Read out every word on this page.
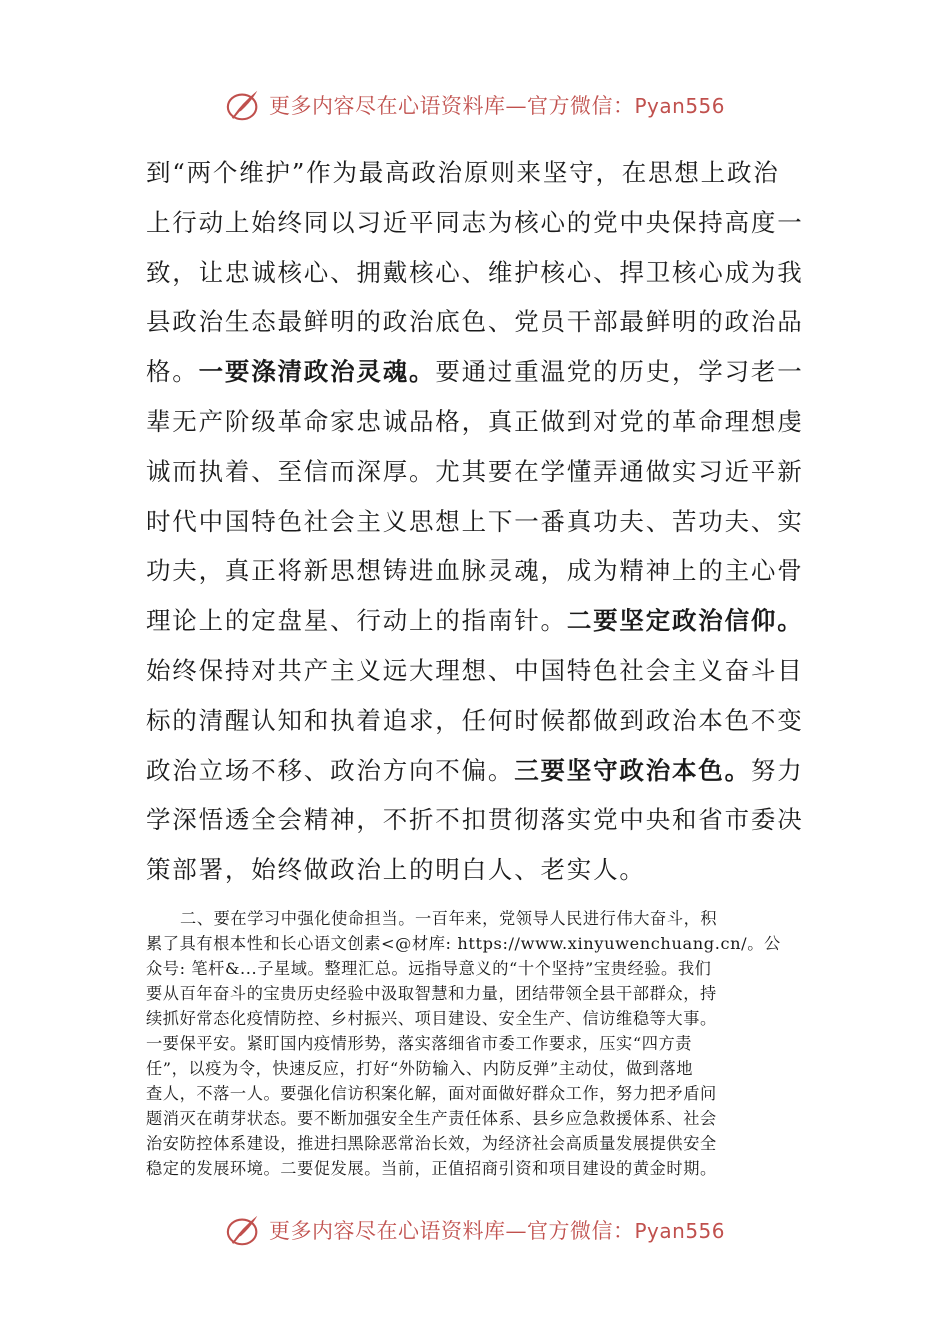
更多内容尽在心语资料库—官方微信：Pyan556
到“两个维护”作为最高政治原则来坚守，在思想上政治
上行动上始终同以习近平同志为核心的党中央保持高度一
致，让忠诚核心、拥戴核心、维护核心、捍卫核心成为我
县政治生态最鲜明的政治底色、党员干部最鲜明的政治品
格。一要涤清政治灵魂。要通过重温党的历史，学习老一
辈无产阶级革命家忠诚品格，真正做到对党的革命理想虔
诚而执着、至信而深厚。尤其要在学懂弄通做实习近平新
时代中国特色社会主义思想上下一番真功夫、苦功夫、实
功夫，真正将新思想铸进血脉灵魂，成为精神上的主心骨
理论上的定盘星、行动上的指南针。二要坚定政治信仰。
始终保持对共产主义远大理想、中国特色社会主义奋斗目
标的清醒认知和执着追求，任何时候都做到政治本色不变
政治立场不移、政治方向不偏。三要坚守政治本色。努力
学深悟透全会精神，不折不扣贯彻落实党中央和省市委决
策部署，始终做政治上的明白人、老实人。
二、要在学习中强化使命担当。一百年来，党领导人民进行伟大奋斗，积
累了具有根本性和长心语文创素<@材库: https://www.xinyuwenchuang.cn/。公
众号: 笔杆&...子星域。整理汇总。远指导意义的“十个坚持”宝贵经验。我们
要从百年奋斗的宝贵历史经验中汲取智慧和力量，团结带领全县干部群众，持
续抓好常态化疫情防控、乡村振兴、项目建设、安全生产、信访维稳等大事。
一要保平安。紧盯国内疫情形势，落实落细省市委工作要求，压实“四方责
任”，以疫为令，快速反应，打好“外防输入、内防反弹”主动仗，做到落地
查人，不落一人。要强化信访积案化解，面对面做好群众工作，努力把矛盾问
题消灭在萌芽状态。要不断加强安全生产责任体系、县乡应急救援体系、社会
治安防控体系建设，推进扫黑除恶常治长效，为经济社会高质量发展提供安全
稳定的发展环境。二要促发展。当前，正值招商引资和项目建设的黄金时期。
更多内容尽在心语资料库—官方微信：Pyan556
